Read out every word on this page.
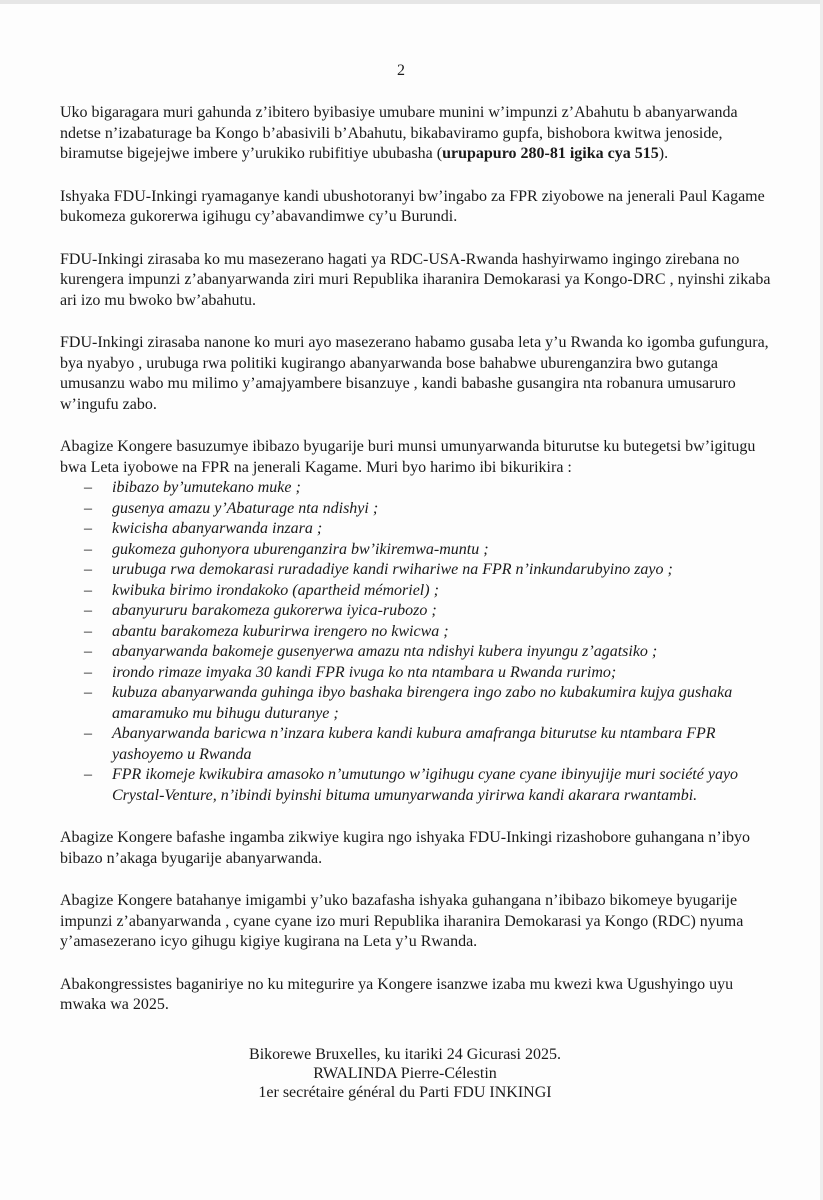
2

Uko bigaragara muri gahunda z’ibitero byibasiye umubare munini w’impunzi z’Abahutu b abanyarwanda ndetse n’izabaturage ba Kongo b’abasivili b’Abahutu, bikabaviramo gupfa, bishobora kwitwa jenoside, biramutse bigejejwe imbere y’urukiko rubifitiye ububasha (urupapuro 280-81 igika cya 515).

Ishyaka FDU-Inkingi ryamaganye kandi ubushotoranyi bw’ingabo za FPR ziyobowe na jenerali Paul Kagame bukomeza gukorerwa igihugu cy’abavandimwe cy’u Burundi.

FDU-Inkingi zirasaba ko mu masezerano hagati ya RDC-USA-Rwanda hashyirwamo ingingo zirebana no kurengera impunzi z’abanyarwanda ziri muri Republika iharanira Demokarasi ya Kongo-DRC , nyinshi zikaba ari izo mu bwoko bw’abahutu.

FDU-Inkingi zirasaba nanone ko muri ayo masezerano habamo gusaba leta y’u Rwanda ko igomba gufungura, bya nyabyo , urubuga rwa politiki kugirango abanyarwanda bose bahabwe uburenganzira bwo gutanga umusanzu wabo mu milimo y’amajyambere bisanzuye , kandi babashe gusangira nta robanura umusaruro w’ingufu zabo.

Abagize Kongere basuzumye ibibazo byugarije buri munsi umunyarwanda biturutse ku butegetsi bw’igitugu bwa Leta iyobowe na FPR na jenerali Kagame. Muri byo harimo ibi bikurikira :

– ibibazo by’umutekano muke ;
– gusenya amazu y’Abaturage nta ndishyi ;
– kwicisha abanyarwanda inzara ;
– gukomeza guhonyora uburenganzira bw’ikiremwa-muntu ;
– urubuga rwa demokarasi ruradadiye kandi rwihariwe na FPR n’inkundarubyino zayo ;
– kwibuka birimo irondakoko (apartheid mémoriel) ;
– abanyururu barakomeza gukorerwa iyica-rubozo ;
– abantu barakomeza kuburirwa irengero no kwicwa ;
– abanyarwanda bakomeje gusenyerwa amazu nta ndishyi kubera inyungu z’agatsiko ;
– irondo rimaze imyaka 30 kandi FPR ivuga ko nta ntambara u Rwanda rurimo;
– kubuza abanyarwanda guhinga ibyo bashaka birengera ingo zabo no kubakumira kujya gushaka amaramuko mu bihugu duturanye ;
– Abanyarwanda baricwa n’inzara kubera kandi kubura amafranga biturutse ku ntambara FPR yashoyemo u Rwanda
– FPR ikomeje kwikubira amasoko n’umutungo w’igihugu cyane cyane ibinyujije muri société yayo Crystal-Venture, n’ibindi byinshi bituma umunyarwanda yirirwa kandi akarara rwantambi.

Abagize Kongere bafashe ingamba zikwiye kugira ngo ishyaka FDU-Inkingi rizashobore guhangana n’ibyo bibazo n’akaga byugarije abanyarwanda.

Abagize Kongere batahanye imigambi y’uko bazafasha ishyaka guhangana n’ibibazo bikomeye byugarije impunzi z’abanyarwanda , cyane cyane izo muri Republika iharanira Demokarasi ya Kongo (RDC) nyuma y’amasezerano icyo gihugu kigiye kugirana na Leta y’u Rwanda.

Abakongressistes baganiriye no ku mitegurire ya Kongere isanzwe izaba mu kwezi kwa Ugushyingo uyu mwaka wa 2025.

Bikorewe Bruxelles, ku itariki 24 Gicurasi 2025.
RWALINDA Pierre-Célestin
1er secrétaire général du Parti FDU INKINGI
